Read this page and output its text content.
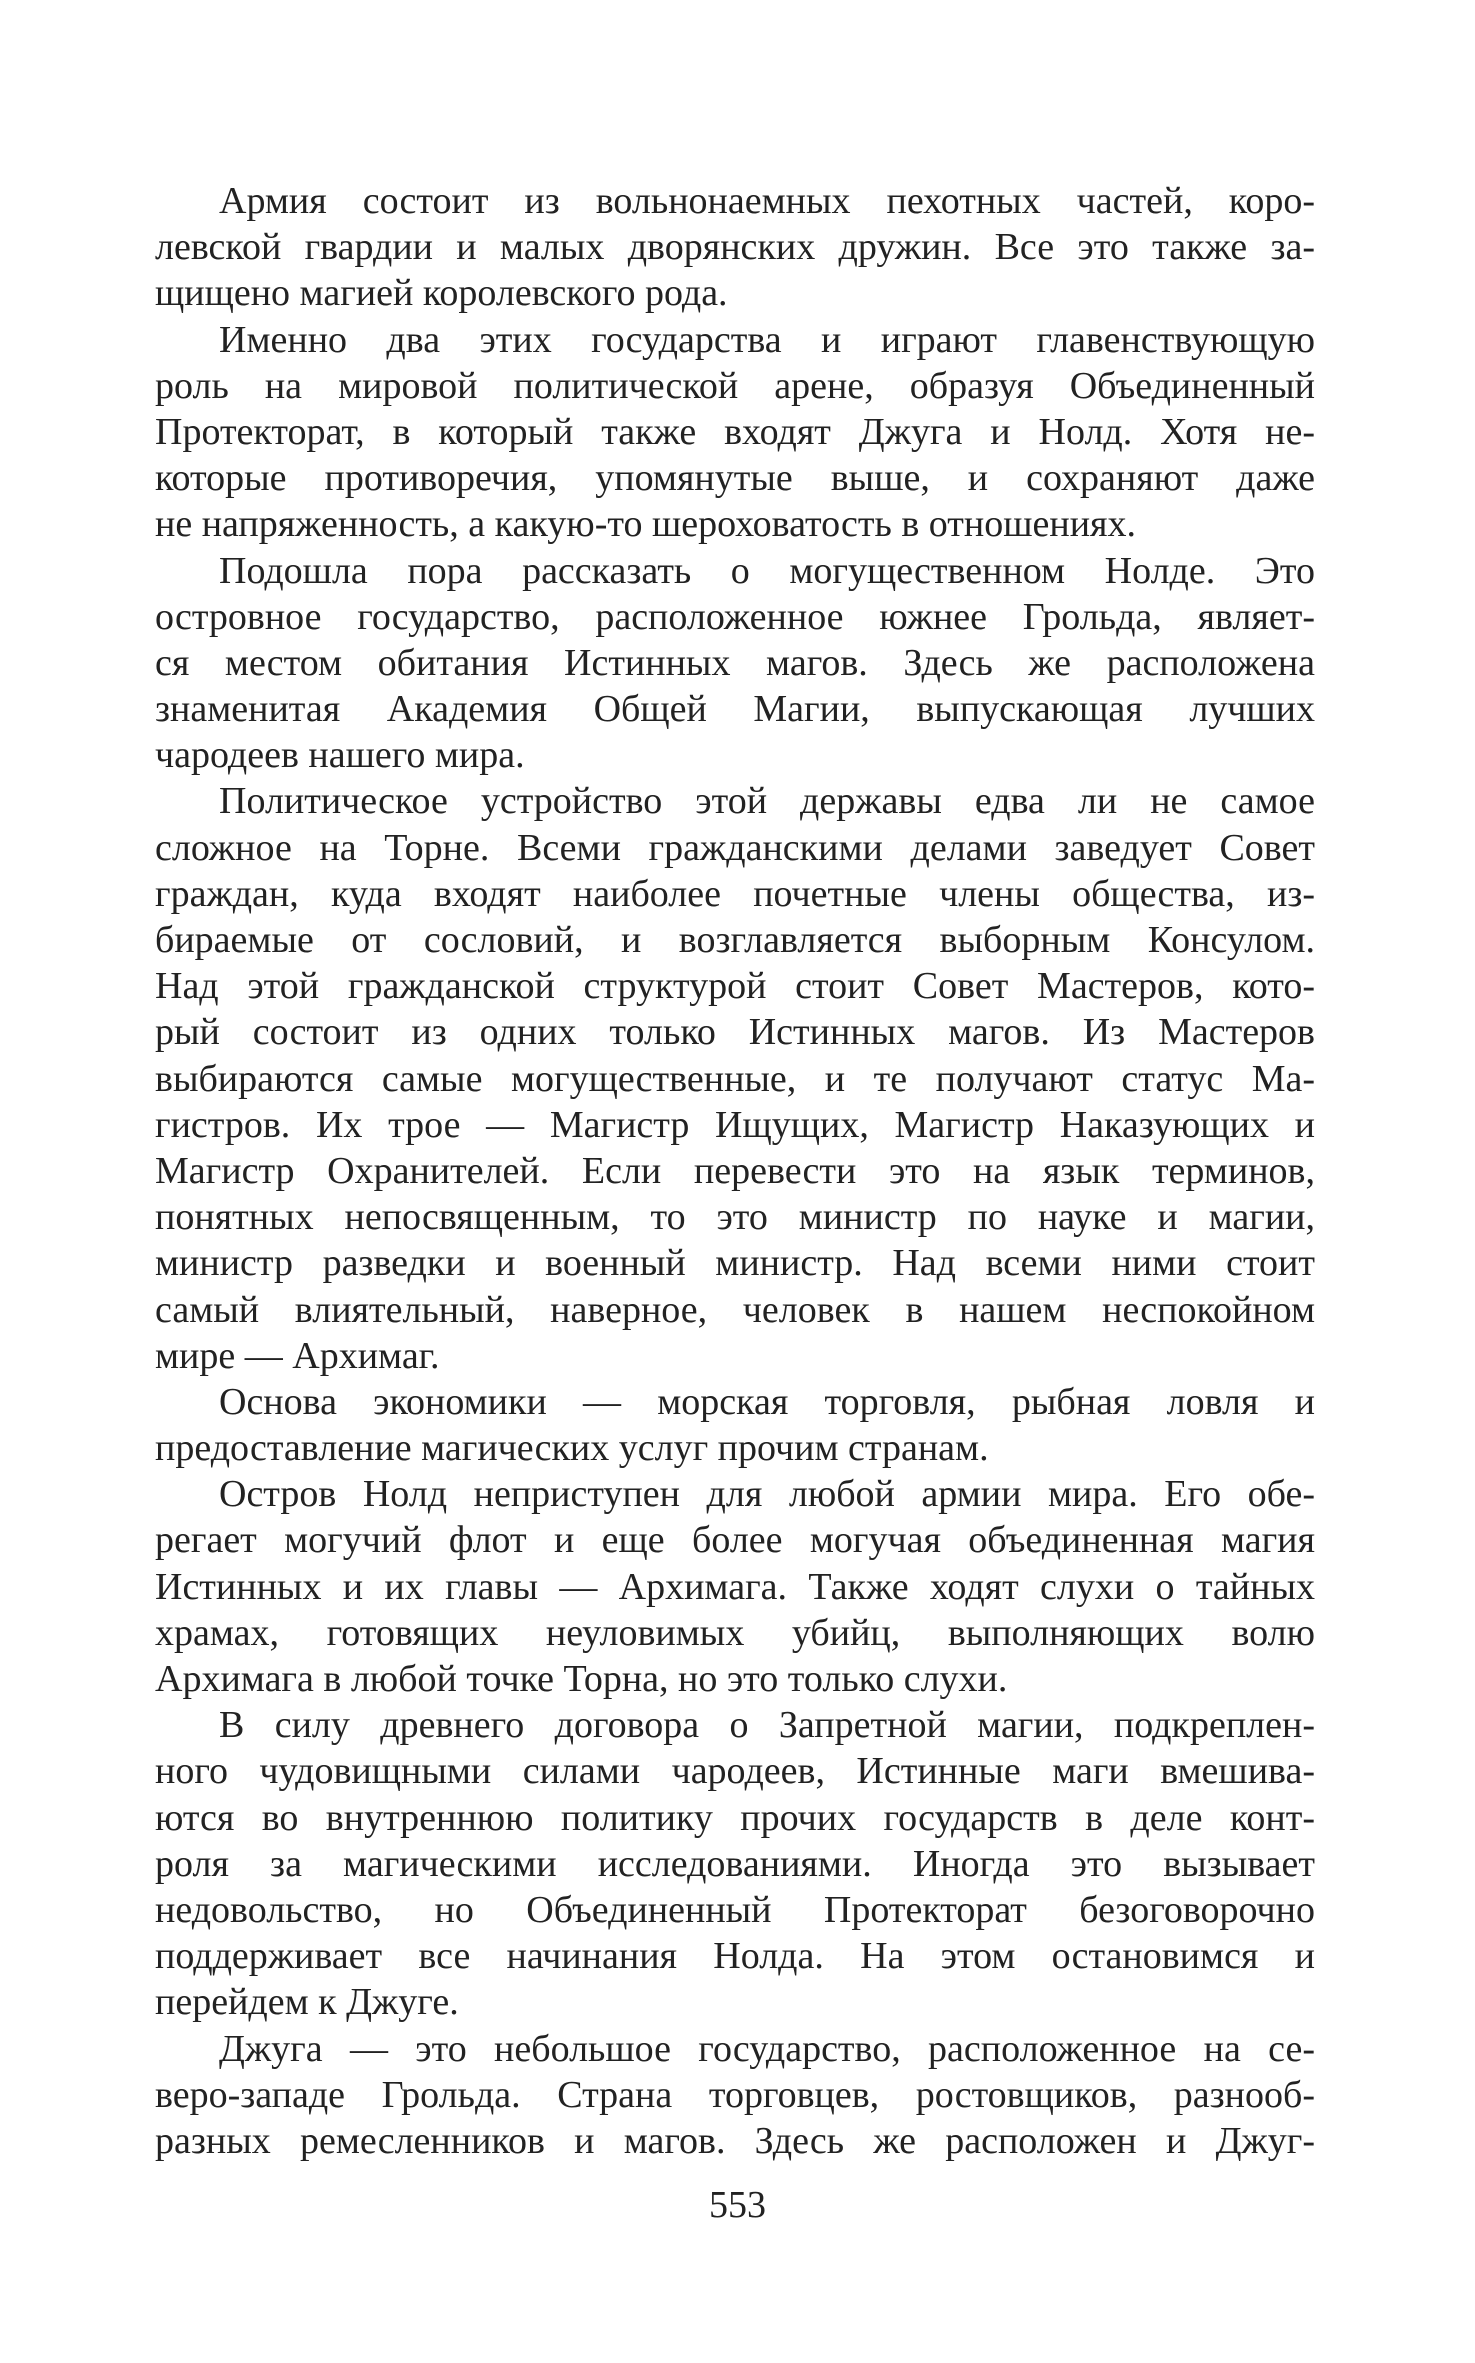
Армия состоит из вольнонаемных пехотных частей, коро-
левской гвардии и малых дворянских дружин. Все это также за-
щищено магией королевского рода.
Именно два этих государства и играют главенствующую
роль на мировой политической арене, образуя Объединенный
Протекторат, в который также входят Джуга и Нолд. Хотя не-
которые противоречия, упомянутые выше, и сохраняют даже
не напряженность, а какую-то шероховатость в отношениях.
Подошла пора рассказать о могущественном Нолде. Это
островное государство, расположенное южнее Грольда, являет-
ся местом обитания Истинных магов. Здесь же расположена
знаменитая Академия Общей Магии, выпускающая лучших
чародеев нашего мира.
Политическое устройство этой державы едва ли не самое
сложное на Торне. Всеми гражданскими делами заведует Совет
граждан, куда входят наиболее почетные члены общества, из-
бираемые от сословий, и возглавляется выборным Консулом.
Над этой гражданской структурой стоит Совет Мастеров, кото-
рый состоит из одних только Истинных магов. Из Мастеров
выбираются самые могущественные, и те получают статус Ма-
гистров. Их трое — Магистр Ищущих, Магистр Наказующих и
Магистр Охранителей. Если перевести это на язык терминов,
понятных непосвященным, то это министр по науке и магии,
министр разведки и военный министр. Над всеми ними стоит
самый влиятельный, наверное, человек в нашем неспокойном
мире — Архимаг.
Основа экономики — морская торговля, рыбная ловля и
предоставление магических услуг прочим странам.
Остров Нолд неприступен для любой армии мира. Его обе-
регает могучий флот и еще более могучая объединенная магия
Истинных и их главы — Архимага. Также ходят слухи о тайных
храмах, готовящих неуловимых убийц, выполняющих волю
Архимага в любой точке Торна, но это только слухи.
В силу древнего договора о Запретной магии, подкреплен-
ного чудовищными силами чародеев, Истинные маги вмешива-
ются во внутреннюю политику прочих государств в деле конт-
роля за магическими исследованиями. Иногда это вызывает
недовольство, но Объединенный Протекторат безоговорочно
поддерживает все начинания Нолда. На этом остановимся и
перейдем к Джуге.
Джуга — это небольшое государство, расположенное на се-
веро-западе Грольда. Страна торговцев, ростовщиков, разнооб-
разных ремесленников и магов. Здесь же расположен и Джуг-
553
